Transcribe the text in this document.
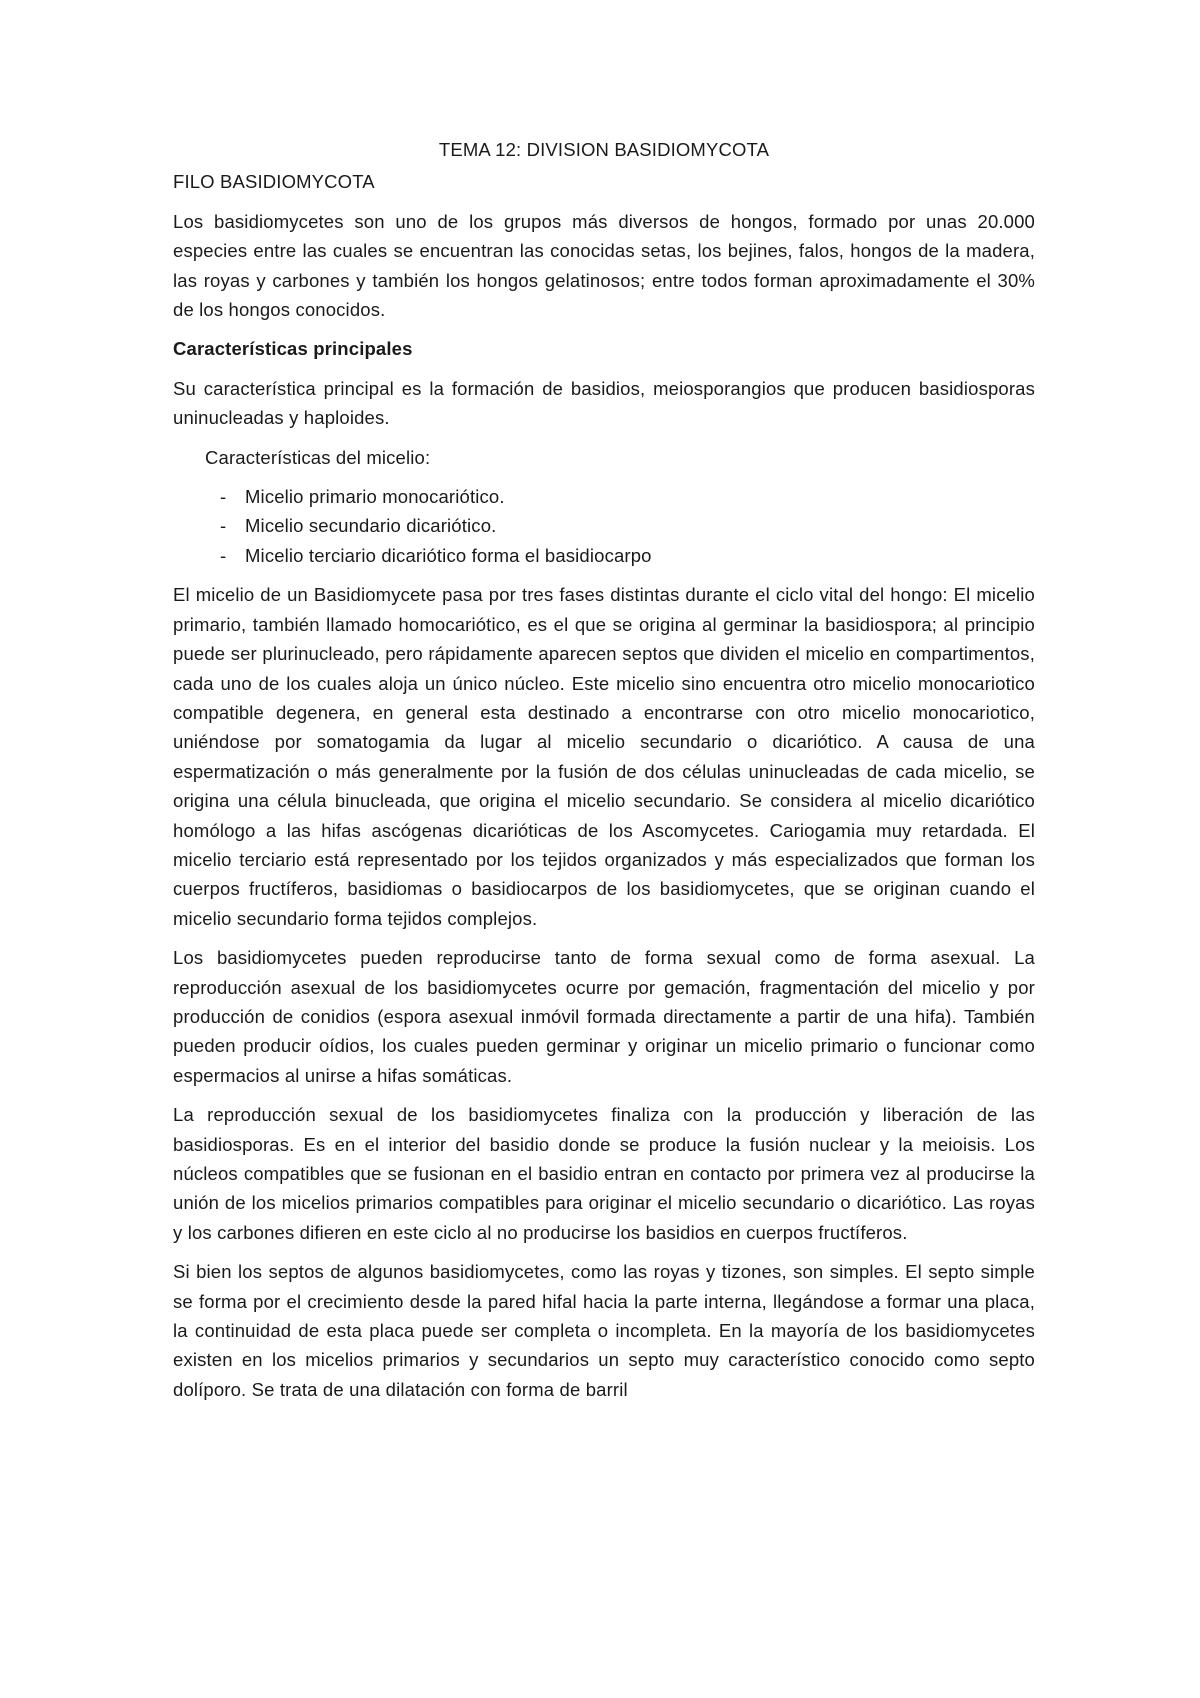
TEMA 12: DIVISION BASIDIOMYCOTA
FILO BASIDIOMYCOTA

Los basidiomycetes son uno de los grupos más diversos de hongos, formado por unas 20.000 especies entre las cuales se encuentran las conocidas setas, los bejines, falos, hongos de la madera, las royas y carbones y también los hongos gelatinosos; entre todos forman aproximadamente el 30% de los hongos conocidos.

Características principales

Su característica principal es la formación de basidios, meiosporangios que producen basidiosporas uninucleadas y haploides.

Características del micelio:

- Micelio primario monocariótico.
- Micelio secundario dicariótico.
- Micelio terciario dicariótico forma el basidiocarpo

El micelio de un Basidiomycete pasa por tres fases distintas durante el ciclo vital del hongo: El micelio primario, también llamado homocariótico, es el que se origina al germinar la basidiospora; al principio puede ser plurinucleado, pero rápidamente aparecen septos que dividen el micelio en compartimentos, cada uno de los cuales aloja un único núcleo. Este micelio sino encuentra otro micelio monocariotico compatible degenera, en general esta destinado a encontrarse con otro micelio monocariotico, uniéndose por somatogamia da lugar al micelio secundario o dicariótico. A causa de una espermatización o más generalmente por la fusión de dos células uninucleadas de cada micelio, se origina una célula binucleada, que origina el micelio secundario. Se considera al micelio dicariótico homólogo a las hifas ascógenas dicarióticas de los Ascomycetes. Cariogamia muy retardada. El micelio terciario está representado por los tejidos organizados y más especializados que forman los cuerpos fructíferos, basidiomas o basidiocarpos de los basidiomycetes, que se originan cuando el micelio secundario forma tejidos complejos.

Los basidiomycetes pueden reproducirse tanto de forma sexual como de forma asexual. La reproducción asexual de los basidiomycetes ocurre por gemación, fragmentación del micelio y por producción de conidios (espora asexual inmóvil formada directamente a partir de una hifa). También pueden producir oídios, los cuales pueden germinar y originar un micelio primario o funcionar como espermacios al unirse a hifas somáticas.

La reproducción sexual de los basidiomycetes finaliza con la producción y liberación de las basidiosporas. Es en el interior del basidio donde se produce la fusión nuclear y la meioisis. Los núcleos compatibles que se fusionan en el basidio entran en contacto por primera vez al producirse la unión de los micelios primarios compatibles para originar el micelio secundario o dicariótico. Las royas y los carbones difieren en este ciclo al no producirse los basidios en cuerpos fructíferos.

Si bien los septos de algunos basidiomycetes, como las royas y tizones, son simples. El septo simple se forma por el crecimiento desde la pared hifal hacia la parte interna, llegándose a formar una placa, la continuidad de esta placa puede ser completa o incompleta. En la mayoría de los basidiomycetes existen en los micelios primarios y secundarios un septo muy característico conocido como septo dolíporo. Se trata de una dilatación con forma de barril
